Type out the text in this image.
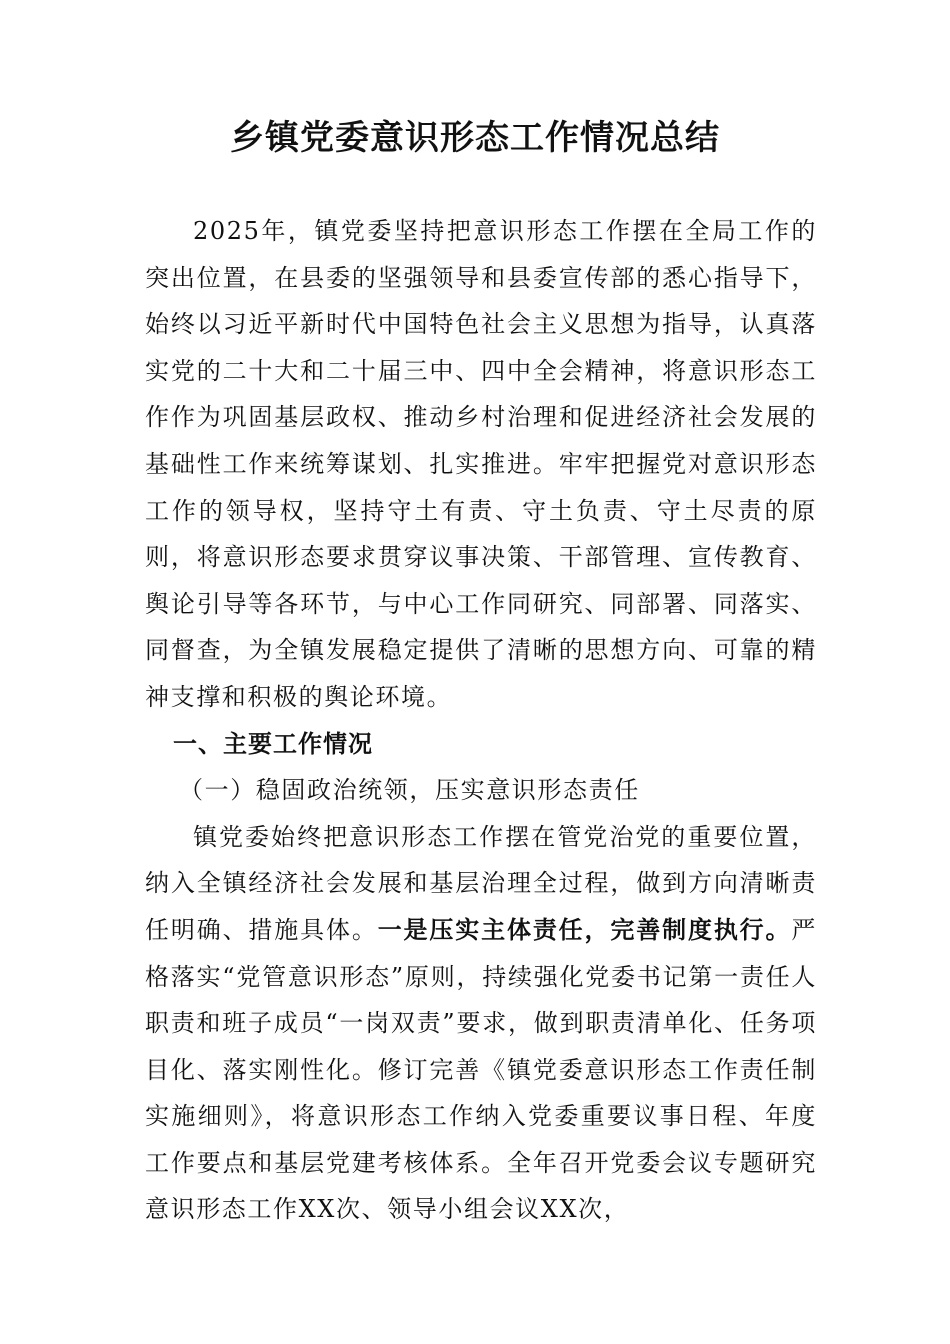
乡镇党委意识形态工作情况总结

2025年，镇党委坚持把意识形态工作摆在全局工作的突出位置，在县委的坚强领导和县委宣传部的悉心指导下，始终以习近平新时代中国特色社会主义思想为指导，认真落实党的二十大和二十届三中、四中全会精神，将意识形态工作作为巩固基层政权、推动乡村治理和促进经济社会发展的基础性工作来统筹谋划、扎实推进。牢牢把握党对意识形态工作的领导权，坚持守土有责、守土负责、守土尽责的原则，将意识形态要求贯穿议事决策、干部管理、宣传教育、舆论引导等各环节，与中心工作同研究、同部署、同落实、同督查，为全镇发展稳定提供了清晰的思想方向、可靠的精神支撑和积极的舆论环境。

一、主要工作情况

（一）稳固政治统领，压实意识形态责任

镇党委始终把意识形态工作摆在管党治党的重要位置，纳入全镇经济社会发展和基层治理全过程，做到方向清晰责任明确、措施具体。一是压实主体责任，完善制度执行。严格落实“党管意识形态”原则，持续强化党委书记第一责任人职责和班子成员“一岗双责”要求，做到职责清单化、任务项目化、落实刚性化。修订完善《镇党委意识形态工作责任制实施细则》，将意识形态工作纳入党委重要议事日程、年度工作要点和基层党建考核体系。全年召开党委会议专题研究意识形态工作XX次、领导小组会议XX次，
